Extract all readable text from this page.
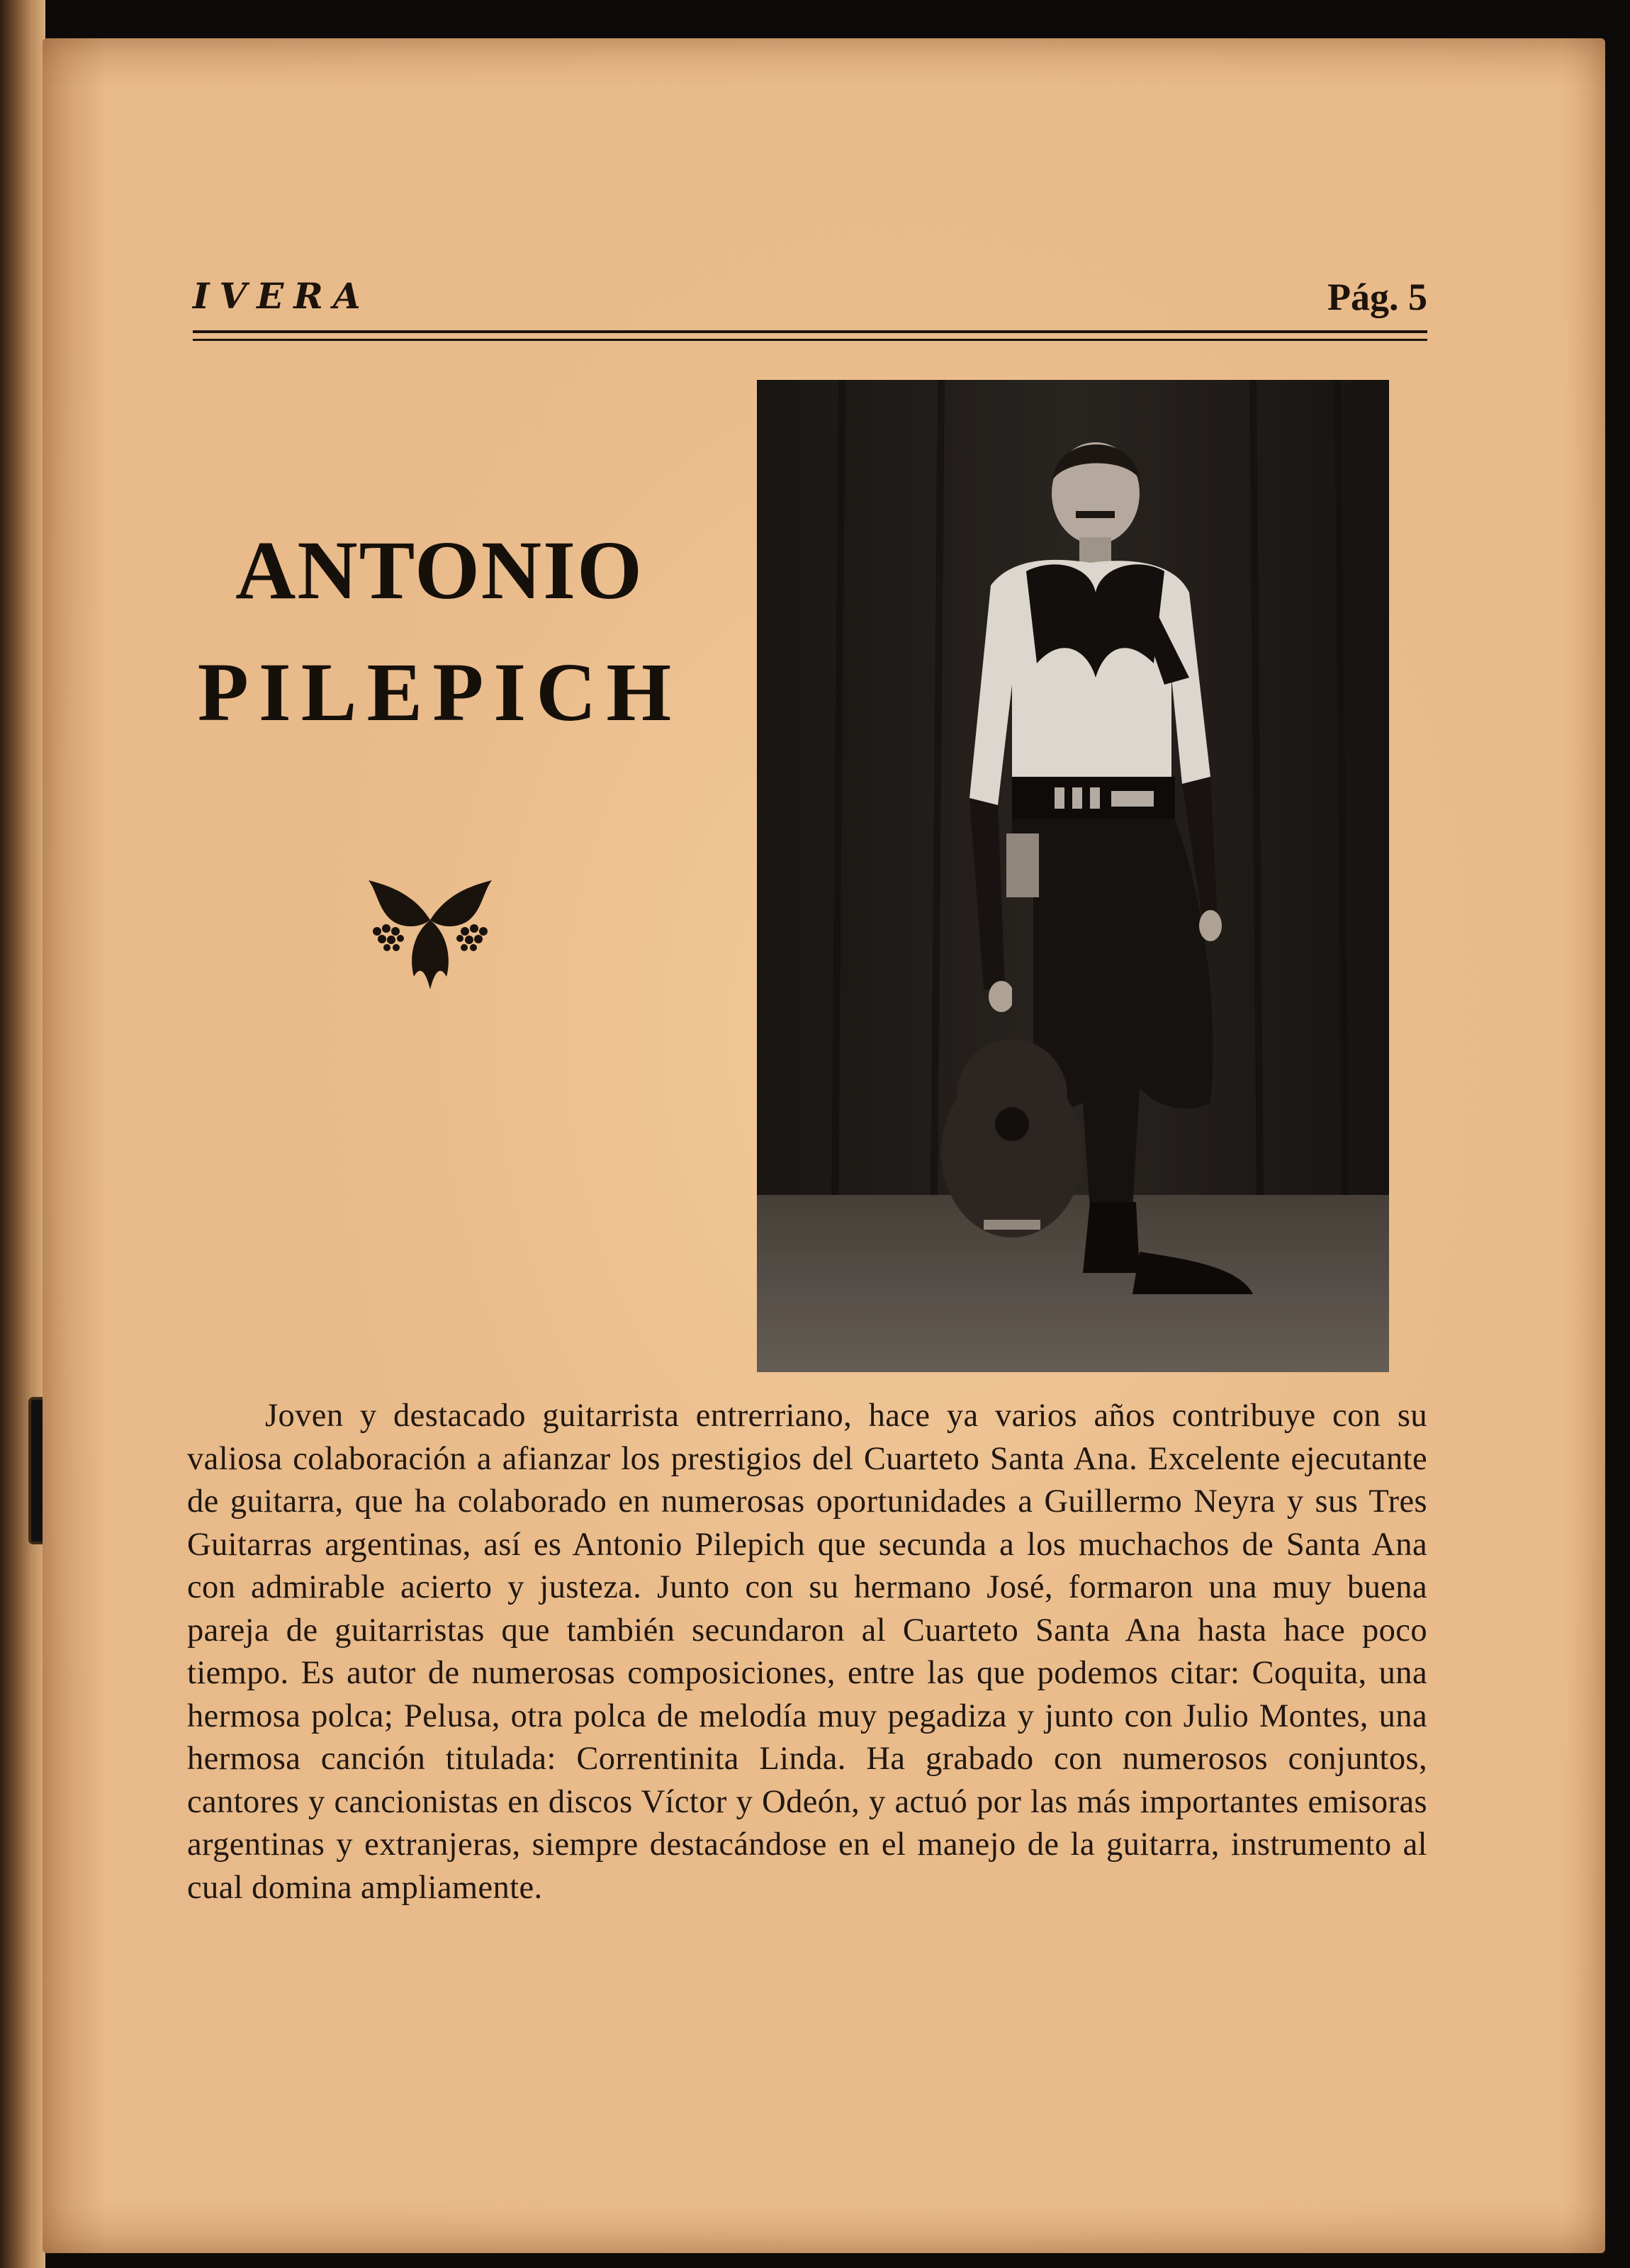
IVERA	Pág. 5
ANTONIO
PILEPICH

Joven y destacado guitarrista entrerriano, hace ya varios años contribuye con su valiosa colaboración a afianzar los prestigios del Cuarteto Santa Ana. Excelente ejecutante de guitarra, que ha colaborado en numerosas oportunidades a Guillermo Neyra y sus Tres Guitarras argentinas, así es Antonio Pilepich que secunda a los muchachos de Santa Ana con admirable acierto y justeza. Junto con su hermano José, formaron una muy buena pareja de guitarristas que también secundaron al Cuarteto Santa Ana hasta hace poco tiempo. Es autor de numerosas composiciones, entre las que podemos citar: Coquita, una hermosa polca; Pelusa, otra polca de melodía muy pegadiza y junto con Julio Montes, una hermosa canción titulada: Correntinita Linda. Ha grabado con numerosos conjuntos, cantores y cancionistas en discos Víctor y Odeón, y actuó por las más importantes emisoras argentinas y extranjeras, siempre destacándose en el manejo de la guitarra, instrumento al cual domina ampliamente.
